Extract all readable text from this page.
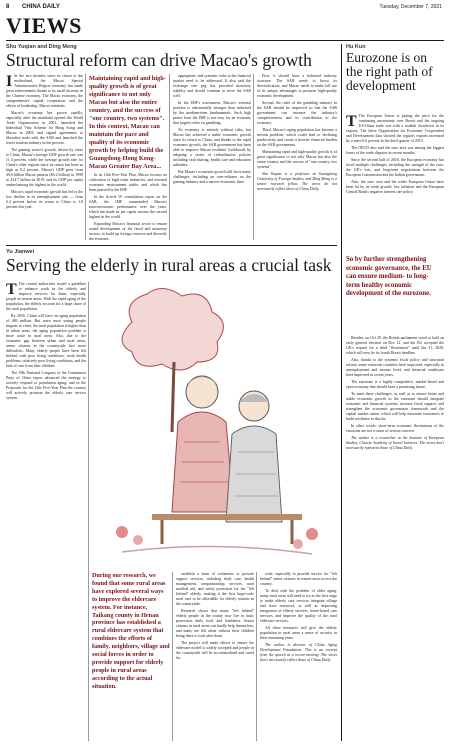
8 CHINA DAILY	Tuesday, December 7, 2021
VIEWS
Shu Yuqian and Ding Meng
Structural reform can drive Macao's growth

I In the two decades since its return to the motherland, the Macao Special Administrative Region economy has made great achievements thanks to its small increase in the Chinese economy. The Macao economy, the comprehensive capital cooperation and the efforts of leadership, Macao residents.

Macao's economy has grown rapidly, especially after the mainland opened the World Trade Organization in 2001, launched the Individual Visit Scheme for Hong Kong and Macao in 2003, and signed agreements to liberalize trade with the SAR and launched the resort tourism industry in the process.

The gaming sector's growth, driven by visits to China, Macao's average GDP growth rate was 11.4 percent, while the average growth rate for China's other regions since its return has been as high as 8.2 percent. Macao's GDP grew from 49.6 billion Macao patacas ($6.2 billion) in 1999 to 434.7 billion in 2019, and its GDP per capita ranked among the highest in the world.

Macao's rapid economic growth has led to the low decline in its unemployment rate — from 6.4 percent before its return to China to 1.8 percent this year.

Maintaining rapid and high-quality growth is of great significance to not only Macao but also the entire country, and the success of "one country, two systems". In this context, Macao can maintain the pace and quality of its economic growth by helping build the Guangdong-Hong Kong-Macao Greater Bay Area...

In its 14th Five-Year Plan, Macao focuses on cultivation of high-value industries, and external economic environment stable, and which has been praised by the IMF.

In the Article IV consultation report on the SAR, the IMF commended Macao's macroeconomic performance over the years, which has made its per capita income the second highest in the world.

Expanding Macao's financial sector to ensure sound development of the fiscal and monetary sectors, to build up foreign reserves and diversify the economy.

appropriate, and systemic risks in the financial market need to be addressed. It also said the exchange rate peg has provided monetary stability and should continue to serve the SAR well.

In the IMF's assessment, Macao's external position is substantially stronger than indicated by the medium-term fundamentals. Such high praise from the IMF is not easy for an economy that largely relies on gambling.

No economy is entirely without risks, but Macao has achieved a stable economic growth since its return to China, and thanks to the rapid economic growth, the SAR government has been able to improve Macao residents' livelihoods by adopting a series of redistribution policies including cash sharing, health care and education subsidies.

But Macao's economic growth still faces many challenges, including an over-reliance on the gaming industry and a narrow economic base.

First, it should have a balanced industry structure. The SAR needs to boost its diversification, and Macao needs to make full use of its unique advantages to promote high-quality economic development.

Second, the rules of the gambling industry in the SAR should be improved so that the SAR government can increase the industry's competitiveness and its contribution to the economy.

Third, Macao's aging population has become a serious problem, which could lead to declining productivity and create a heavier financial burden on the SAR government.

Maintaining rapid and high-quality growth is of great significance to not only Macao but also the entire country and the success of "one country, two systems".

Shu Yuqian is a professor at Guangdong University of Foreign Studies, and Ding Meng is a senior research fellow. The views do not necessarily reflect those of China Daily.

Hu Kun
Eurozone is on the right path of development

T The European Union is paying the price for the continuing uncertainty over Brexit and the ongoing US-China trade war with a notable slowdown in its exports. The latest Organisation for Economic Cooperation and Development data showed the region's exports increased by a mere 0.6 percent in the third quarter of 2019.

The OECD also said the euro area was among the biggest losers of the trade disputes in recent months.

Since the second half of 2018, the European economy has faced multiple challenges, including the strength of the euro, the UK's exit, and long-term negotiations between the European Commission and the Italian government.

Also, the euro area and the wider European Union have been hit by its weak growth, low inflation and the European Central Bank's negative interest rate policy.

So by further strengthening economic governance, the EU can ensure medium- to long-term healthy economic development of the eurozone.

Besides, on Oct 29, the British parliament voted to hold an early general election on Dec 12, and the EU accepted the UK's request for a third "flextension" until Jan 31, 2020, which will now be its fourth Brexit deadline.

Also, thanks to the systemic fiscal policy and structural reform, some eurozone countries have improved, especially in unemployment and income level, and financial conditions have improved in recent years.

The eurozone is a highly competitive, market-based and open economy that should have a promising future.

To meet these challenges, as well as to ensure better and stable economic growth in the eurozone should integrate economic and financial systems, increase fiscal support, and strengthen the economic governance framework and the capital market union, which will help eurozone economies to build resilience to shocks.

In other words, short-term economic fluctuations of the eurozone are not a cause of serious concern.

The author is a researcher at the Institute of European Studies, Chinese Academy of Social Sciences. The views don't necessarily represent those of China Daily.

Yu Jianwei
Serving the elderly in rural areas a crucial task

T The central authorities issued a guideline to enhance work in the elderly and improve services for them, especially people in remote areas. With the rapid aging of the population, the elderly account for a large share of the rural population.

By 2050, China will have an aging population of 480 million. But since most young people migrate to cities, the rural population is higher than in urban areas, the aging population problem is more acute in rural areas. Also, due to the economic gap between urban and rural areas, senior citizens in the countryside face more difficulties. Many elderly people have been left behind, with poor living conditions, weak health problems, relatively poor living conditions, and the lack of care from their children.

The 19th National Congress of the Communist Party of China report advanced the strategy to actively respond to population aging, and in the Proposals for the 14th Five-Year Plan the country will actively promote the elderly care service system.

During our research, we found that some rural areas have explored several ways to improve the eldercare system. For instance, Taikang county in Henan province has established a rural eldercare system that combines the efforts of family, neighbors, village and social forces in order to provide support for elderly people in rural areas according to the actual situation.

establish a team of volunteers to provide support services, including daily care, health management, companionship, services, rural medical aid, and safety protection for the "left behind" elderly, making it the first large-scale rural care to be affordable for elderly citizens in the countryside.

Research shows that many "left behind" elderly people in the county now live in basic protection, daily food, and loneliness. Senior citizens in rural areas can hardly help themselves, and many are left alone without their children being there to look after them.

The project will make efforts to ensure the eldercare model is widely accepted and people in the countryside will be accommodated and cared for.

wide, especially to provide service for "left behind" senior citizens in remote areas across the country.

To deal with the problem of older aging, many rural areas still need to try as the first stage to make elderly care services integrate village and town resources, as well as improving integration of elderly services, home-based care services, and improve the quality of the rural eldercare services.

All these measures will give the elderly population in rural areas a sense of security in their remaining years.

The author is director of China Aging Development Foundation. This is an excerpt from the speech at a recent meeting. The views don't necessarily reflect those of China Daily.
